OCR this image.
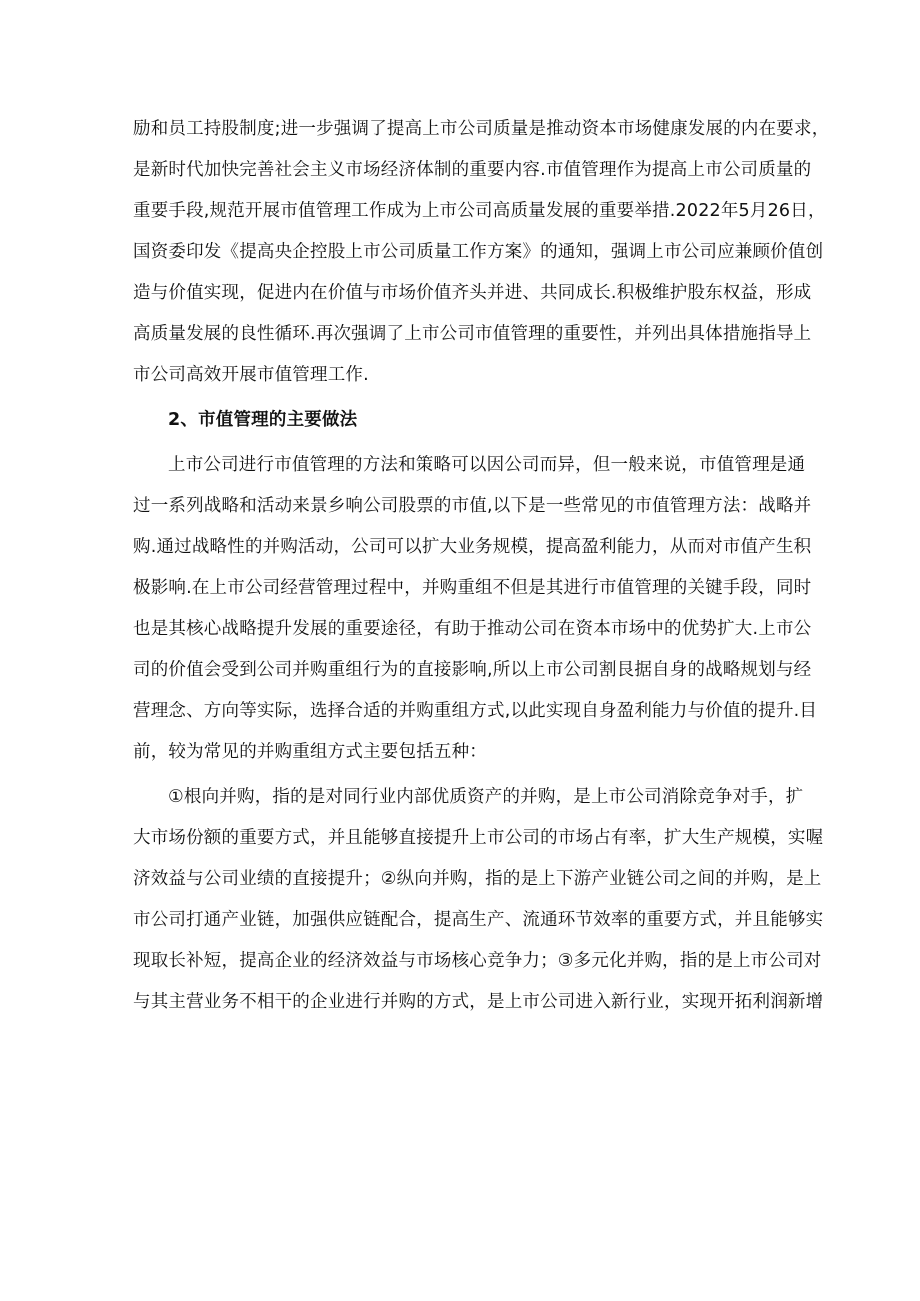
励和员工持股制度;进一步强调了提高上市公司质量是推动资本市场健康发展的内在要求，
是新时代加快完善社会主义市场经济体制的重要内容.市值管理作为提高上市公司质量的
重要手段,规范开展市值管理工作成为上市公司高质量发展的重要举措.2022年5月26日，
国资委印发《提高央企控股上市公司质量工作方案》的通知，强调上市公司应兼顾价值创
造与价值实现，促进内在价值与市场价值齐头并进、共同成长.积极维护股东权益，形成
高质量发展的良性循环.再次强调了上市公司市值管理的重要性，并列出具体措施指导上
市公司高效开展市值管理工作.
2、市值管理的主要做法
上市公司进行市值管理的方法和策略可以因公司而异，但一般来说，市值管理是通
过一系列战略和活动来景乡响公司股票的市值,以下是一些常见的市值管理方法：战略并
购.通过战略性的并购活动，公司可以扩大业务规模，提高盈利能力，从而对市值产生积
极影响.在上市公司经营管理过程中，并购重组不但是其进行市值管理的关键手段，同时
也是其核心战略提升发展的重要途径，有助于推动公司在资本市场中的优势扩大.上市公
司的价值会受到公司并购重组行为的直接影响,所以上市公司割艮据自身的战略规划与经
营理念、方向等实际，选择合适的并购重组方式,以此实现自身盈利能力与价值的提升.目
前，较为常见的并购重组方式主要包括五种：
①根向并购，指的是对同行业内部优质资产的并购，是上市公司消除竞争对手，扩
大市场份额的重要方式，并且能够直接提升上市公司的市场占有率，扩大生产规模，实喔
济效益与公司业绩的直接提升；②纵向并购，指的是上下游产业链公司之间的并购，是上
市公司打通产业链，加强供应链配合，提高生产、流通环节效率的重要方式，并且能够实
现取长补短，提高企业的经济效益与市场核心竞争力；③多元化并购，指的是上市公司对
与其主营业务不相干的企业进行并购的方式，是上市公司进入新行业，实现开拓利润新增
